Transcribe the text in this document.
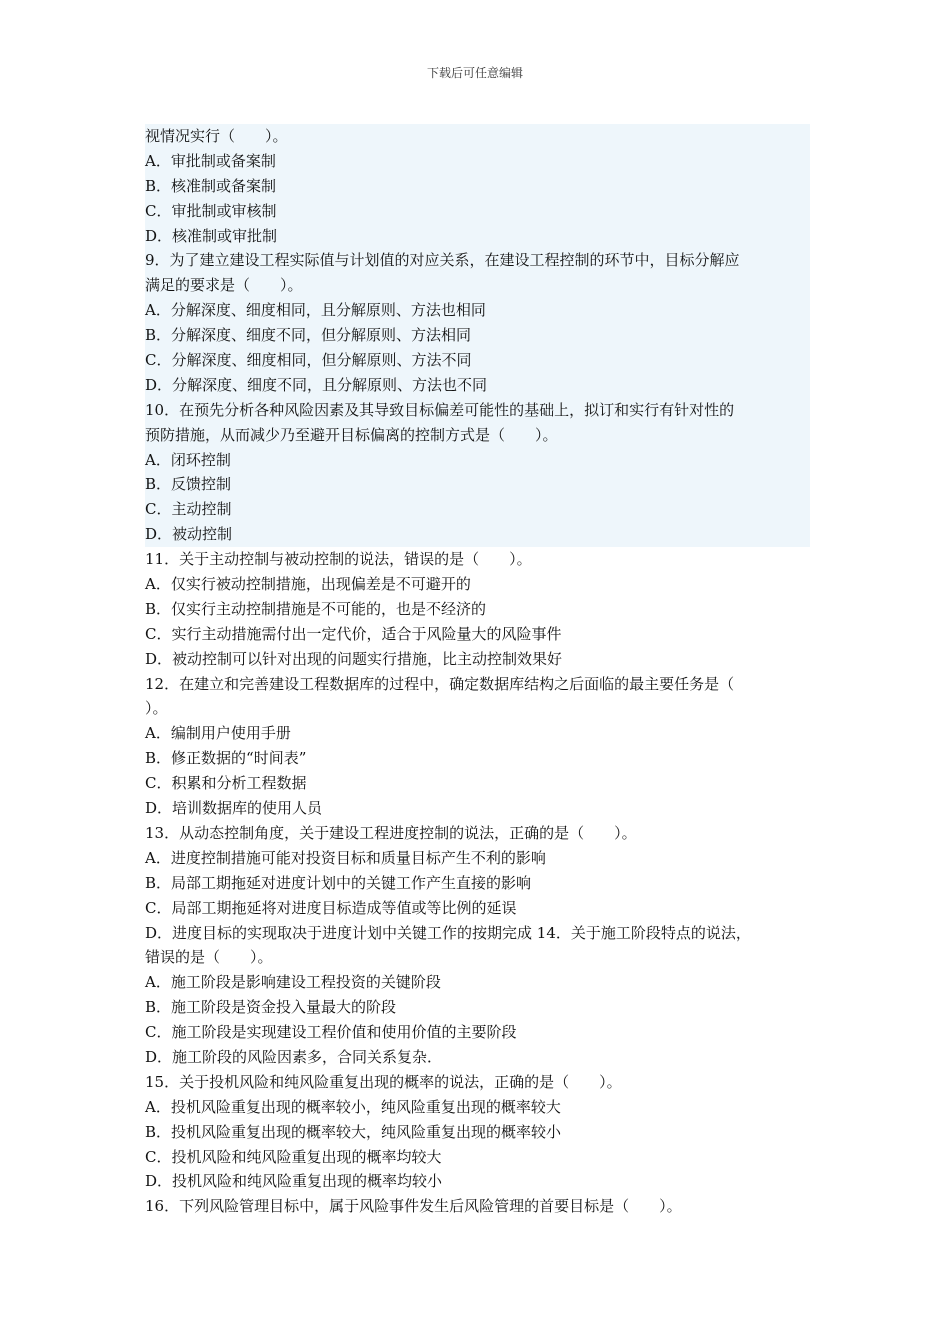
下载后可任意编辑
视情况实行（　　）。
A．审批制或备案制
B．核准制或备案制
C．审批制或审核制
D．核准制或审批制
9．为了建立建设工程实际值与计划值的对应关系，在建设工程控制的环节中，目标分解应
满足的要求是（　　）。
A．分解深度、细度相同，且分解原则、方法也相同
B．分解深度、细度不同，但分解原则、方法相同
C．分解深度、细度相同，但分解原则、方法不同
D．分解深度、细度不同，且分解原则、方法也不同
10．在预先分析各种风险因素及其导致目标偏差可能性的基础上，拟订和实行有针对性的
预防措施，从而减少乃至避开目标偏离的控制方式是（　　）。
A．闭环控制
B．反馈控制
C．主动控制
D．被动控制
11．关于主动控制与被动控制的说法，错误的是（　　）。
A．仅实行被动控制措施，出现偏差是不可避开的
B．仅实行主动控制措施是不可能的，也是不经济的
C．实行主动措施需付出一定代价，适合于风险量大的风险事件
D．被动控制可以针对出现的问题实行措施，比主动控制效果好
12．在建立和完善建设工程数据库的过程中，确定数据库结构之后面临的最主要任务是（
）。
A．编制用户使用手册
B．修正数据的“时间表”
C．积累和分析工程数据
D．培训数据库的使用人员
13．从动态控制角度，关于建设工程进度控制的说法，正确的是（　　）。
A．进度控制措施可能对投资目标和质量目标产生不利的影响
B．局部工期拖延对进度计划中的关键工作产生直接的影响
C．局部工期拖延将对进度目标造成等值或等比例的延误
D．进度目标的实现取决于进度计划中关键工作的按期完成 14．关于施工阶段特点的说法，
错误的是（　　）。
A．施工阶段是影响建设工程投资的关键阶段
B．施工阶段是资金投入量最大的阶段
C．施工阶段是实现建设工程价值和使用价值的主要阶段
D．施工阶段的风险因素多，合同关系复杂．
15．关于投机风险和纯风险重复出现的概率的说法，正确的是（　　）。
A．投机风险重复出现的概率较小，纯风险重复出现的概率较大
B．投机风险重复出现的概率较大，纯风险重复出现的概率较小
C．投机风险和纯风险重复出现的概率均较大
D．投机风险和纯风险重复出现的概率均较小
16．下列风险管理目标中，属于风险事件发生后风险管理的首要目标是（　　）。
